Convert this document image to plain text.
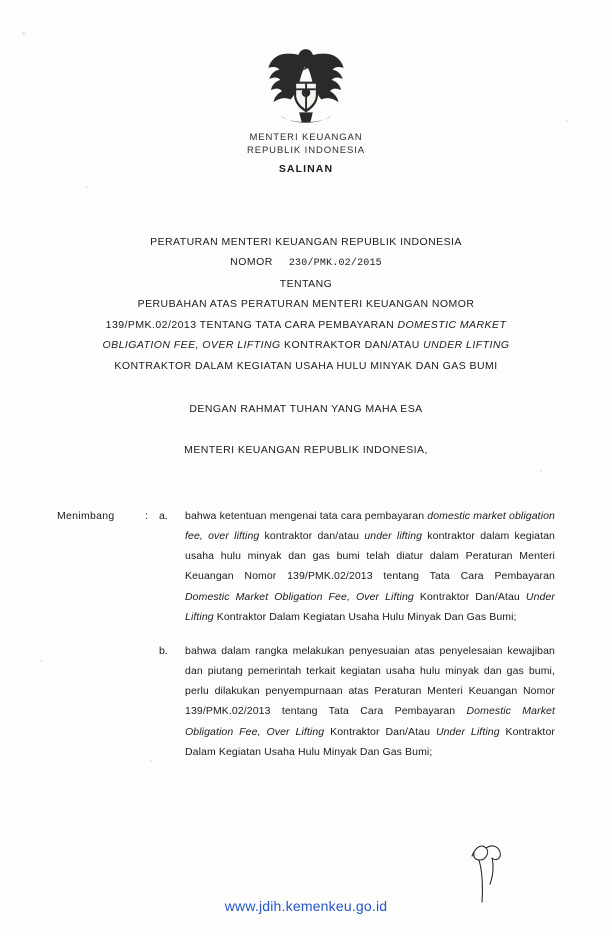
MENTERI KEUANGAN
REPUBLIK INDONESIA
SALINAN
PERATURAN MENTERI KEUANGAN REPUBLIK INDONESIA
NOMOR 230/PMK.02/2015
TENTANG
PERUBAHAN ATAS PERATURAN MENTERI KEUANGAN NOMOR
139/PMK.02/2013 TENTANG TATA CARA PEMBAYARAN DOMESTIC MARKET
OBLIGATION FEE, OVER LIFTING KONTRAKTOR DAN/ATAU UNDER LIFTING
KONTRAKTOR DALAM KEGIATAN USAHA HULU MINYAK DAN GAS BUMI
DENGAN RAHMAT TUHAN YANG MAHA ESA
MENTERI KEUANGAN REPUBLIK INDONESIA,
Menimbang	:	a.	bahwa ketentuan mengenai tata cara pembayaran domestic market obligation fee, over lifting kontraktor dan/atau under lifting kontraktor dalam kegiatan usaha hulu minyak dan gas bumi telah diatur dalam Peraturan Menteri Keuangan Nomor 139/PMK.02/2013 tentang Tata Cara Pembayaran Domestic Market Obligation Fee, Over Lifting Kontraktor Dan/Atau Under Lifting Kontraktor Dalam Kegiatan Usaha Hulu Minyak Dan Gas Bumi;

b.	bahwa dalam rangka melakukan penyesuaian atas penyelesaian kewajiban dan piutang pemerintah terkait kegiatan usaha hulu minyak dan gas bumi, perlu dilakukan penyempurnaan atas Peraturan Menteri Keuangan Nomor 139/PMK.02/2013 tentang Tata Cara Pembayaran Domestic Market Obligation Fee, Over Lifting Kontraktor Dan/Atau Under Lifting Kontraktor Dalam Kegiatan Usaha Hulu Minyak Dan Gas Bumi;

www.jdih.kemenkeu.go.id
